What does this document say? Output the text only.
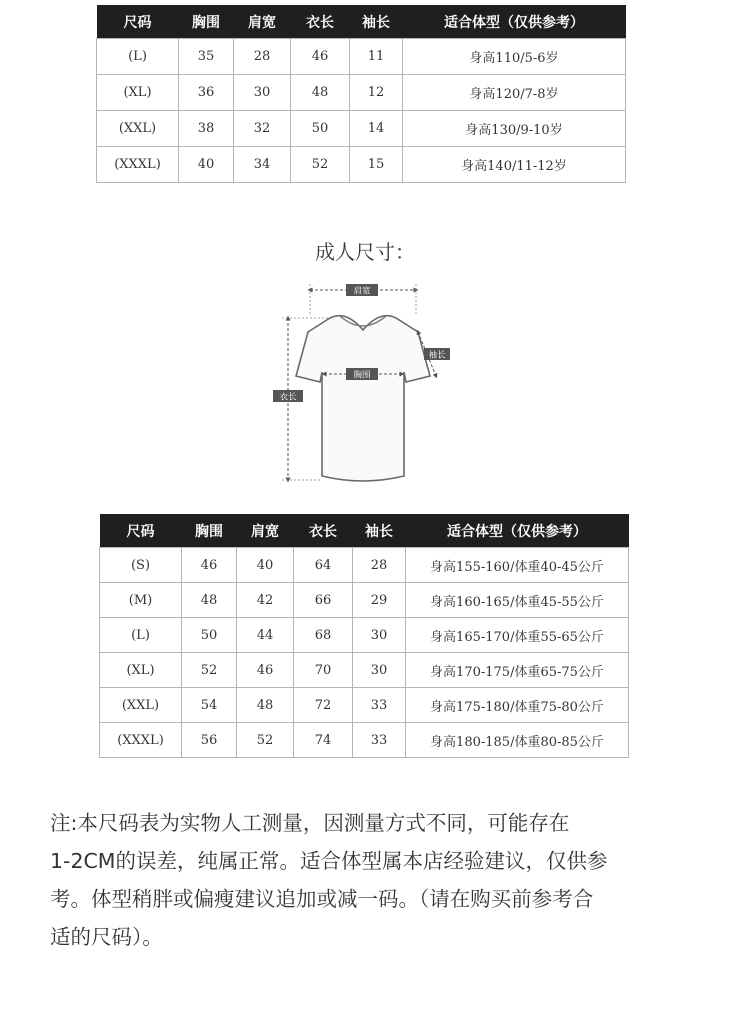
尺码	胸围	肩宽	衣长	袖长	适合体型（仅供参考）
(L)	35	28	46	11	身高110/5-6岁
(XL)	36	30	48	12	身高120/7-8岁
(XXL)	38	32	50	14	身高130/9-10岁
(XXXL)	40	34	52	15	身高140/11-12岁
成人尺寸：
肩宽
袖长
胸围
衣长
尺码	胸围	肩宽	衣长	袖长	适合体型（仅供参考）
(S)	46	40	64	28	身高155-160/体重40-45公斤
(M)	48	42	66	29	身高160-165/体重45-55公斤
(L)	50	44	68	30	身高165-170/体重55-65公斤
(XL)	52	46	70	30	身高170-175/体重65-75公斤
(XXL)	54	48	72	33	身高175-180/体重75-80公斤
(XXXL)	56	52	74	33	身高180-185/体重80-85公斤
注:本尺码表为实物人工测量，因测量方式不同，可能存在
1-2CM的误差，纯属正常。适合体型属本店经验建议，仅供参
考。体型稍胖或偏瘦建议追加或减一码。（请在购买前参考合
适的尺码）。
